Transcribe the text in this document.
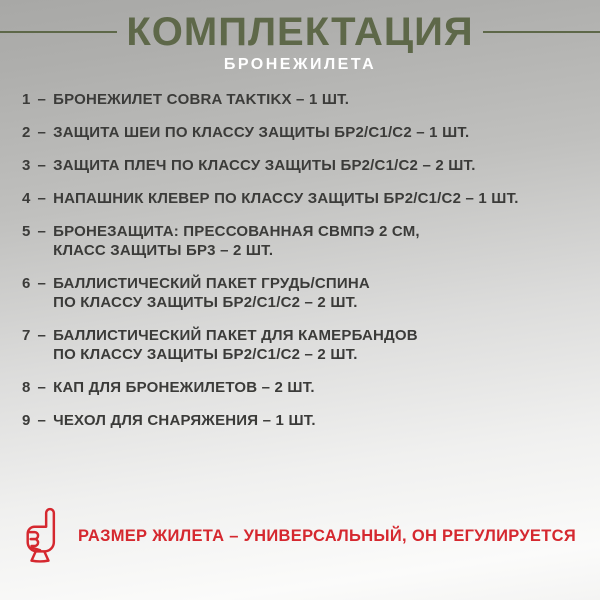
КОМПЛЕКТАЦИЯ
БРОНЕЖИЛЕТА
1 – БРОНЕЖИЛЕТ COBRA TAKTIKX – 1 ШТ.
2 – ЗАЩИТА ШЕИ ПО КЛАССУ ЗАЩИТЫ БР2/С1/С2 – 1 ШТ.
3 – ЗАЩИТА ПЛЕЧ ПО КЛАССУ ЗАЩИТЫ БР2/С1/С2 – 2 ШТ.
4 – НАПАШНИК КЛЕВЕР ПО КЛАССУ ЗАЩИТЫ БР2/С1/С2 – 1 ШТ.
5 – БРОНЕЗАЩИТА: ПРЕССОВАННАЯ СВМПЭ 2 СМ,
КЛАСС ЗАЩИТЫ БР3 – 2 ШТ.
6 – БАЛЛИСТИЧЕСКИЙ ПАКЕТ ГРУДЬ/СПИНА
ПО КЛАССУ ЗАЩИТЫ БР2/С1/С2 – 2 ШТ.
7 – БАЛЛИСТИЧЕСКИЙ ПАКЕТ ДЛЯ КАМЕРБАНДОВ
ПО КЛАССУ ЗАЩИТЫ БР2/С1/С2 – 2 ШТ.
8 – КАП ДЛЯ БРОНЕЖИЛЕТОВ – 2 ШТ.
9 – ЧЕХОЛ ДЛЯ СНАРЯЖЕНИЯ – 1 ШТ.
РАЗМЕР ЖИЛЕТА – УНИВЕРСАЛЬНЫЙ, ОН РЕГУЛИРУЕТСЯ
